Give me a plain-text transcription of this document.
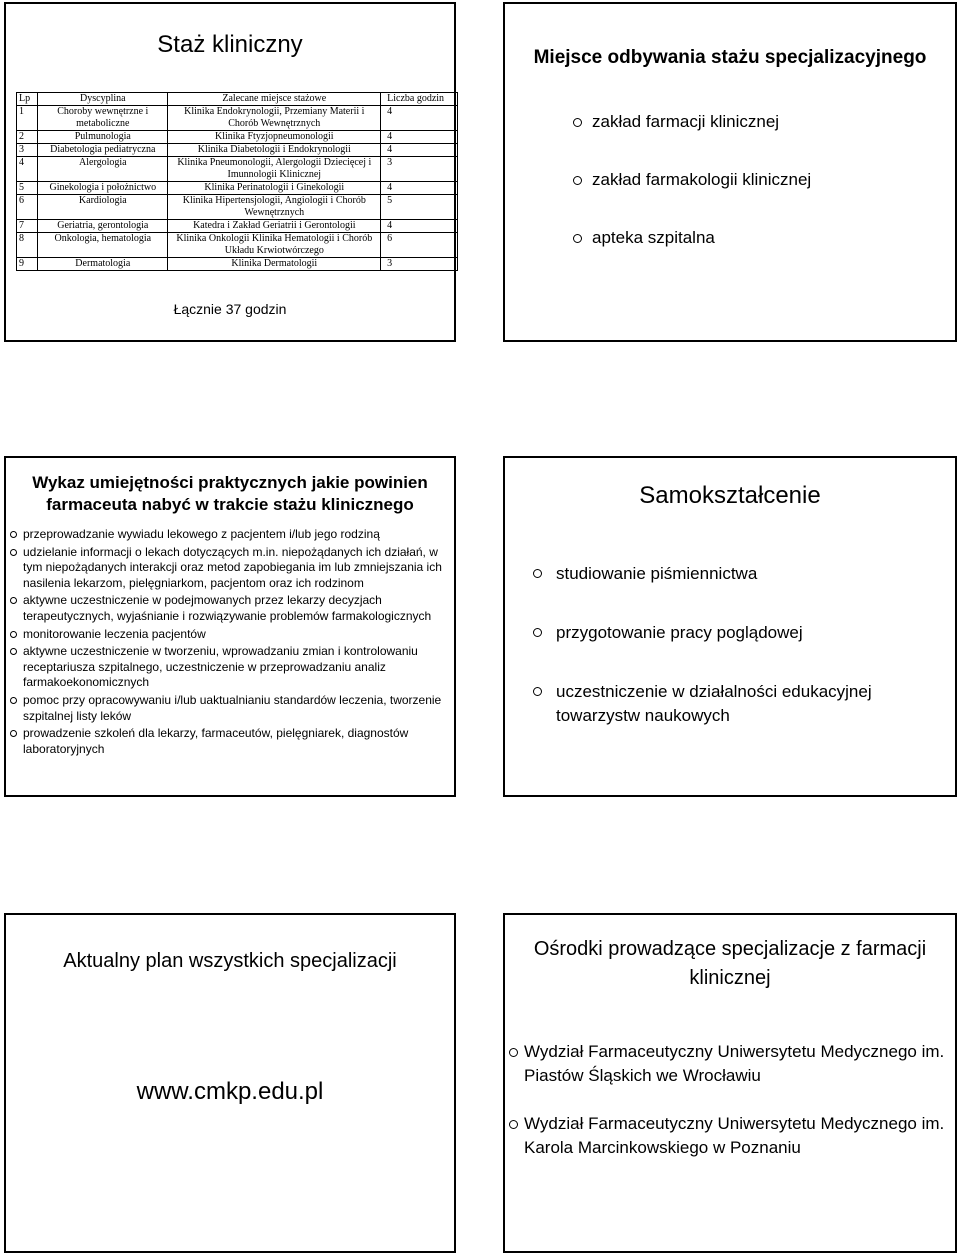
Staż kliniczny
Lp	Dyscyplina	Zalecane miejsce stażowe	Liczba godzin
1	Choroby wewnętrzne i metaboliczne	Klinika Endokrynologii, Przemiany Materii i Chorób Wewnętrznych	4
2	Pulmunologia	Klinika Ftyzjopneumonologii	4
3	Diabetologia pediatryczna	Klinika Diabetologii i Endokrynologii	4
4	Alergologia	Klinika Pneumonologii, Alergologii Dziecięcej i Imunnologii Klinicznej	3
5	Ginekologia i położnictwo	Klinika Perinatologii i Ginekologii	4
6	Kardiologia	Klinika Hipertensjologii, Angiologii i Chorób Wewnętrznych	5
7	Geriatria, gerontologia	Katedra i Zakład Geriatrii i Gerontologii	4
8	Onkologia, hematologia	Klinika Onkologii Klinika Hematologii i Chorób Układu Krwiotwórczego	6
9	Dermatologia	Klinika Dermatologii	3
Łącznie 37 godzin
Miejsce odbywania stażu specjalizacyjnego
zakład farmacji klinicznej
zakład farmakologii klinicznej
apteka szpitalna
Wykaz umiejętności praktycznych jakie powinien farmaceuta nabyć w trakcie stażu klinicznego
przeprowadzanie wywiadu lekowego z pacjentem i/lub jego rodziną
udzielanie informacji o lekach dotyczących m.in. niepożądanych ich działań, w tym niepożądanych interakcji oraz metod zapobiegania im lub zmniejszania ich nasilenia lekarzom, pielęgniarkom, pacjentom oraz ich rodzinom
aktywne uczestniczenie w podejmowanych przez lekarzy decyzjach terapeutycznych, wyjaśnianie i rozwiązywanie problemów farmakologicznych
monitorowanie leczenia pacjentów
aktywne uczestniczenie w tworzeniu, wprowadzaniu zmian i kontrolowaniu receptariusza szpitalnego, uczestniczenie w przeprowadzaniu analiz farmakoekonomicznych
pomoc przy opracowywaniu i/lub uaktualnianiu standardów leczenia, tworzenie szpitalnej listy leków
prowadzenie szkoleń dla lekarzy, farmaceutów, pielęgniarek, diagnostów laboratoryjnych
Samokształcenie
studiowanie piśmiennictwa
przygotowanie pracy poglądowej
uczestniczenie w działalności edukacyjnej towarzystw naukowych
Aktualny plan wszystkich specjalizacji
www.cmkp.edu.pl
Ośrodki prowadzące specjalizacje z farmacji klinicznej
Wydział Farmaceutyczny Uniwersytetu Medycznego im. Piastów Śląskich we Wrocławiu
Wydział Farmaceutyczny Uniwersytetu Medycznego im. Karola Marcinkowskiego w Poznaniu
